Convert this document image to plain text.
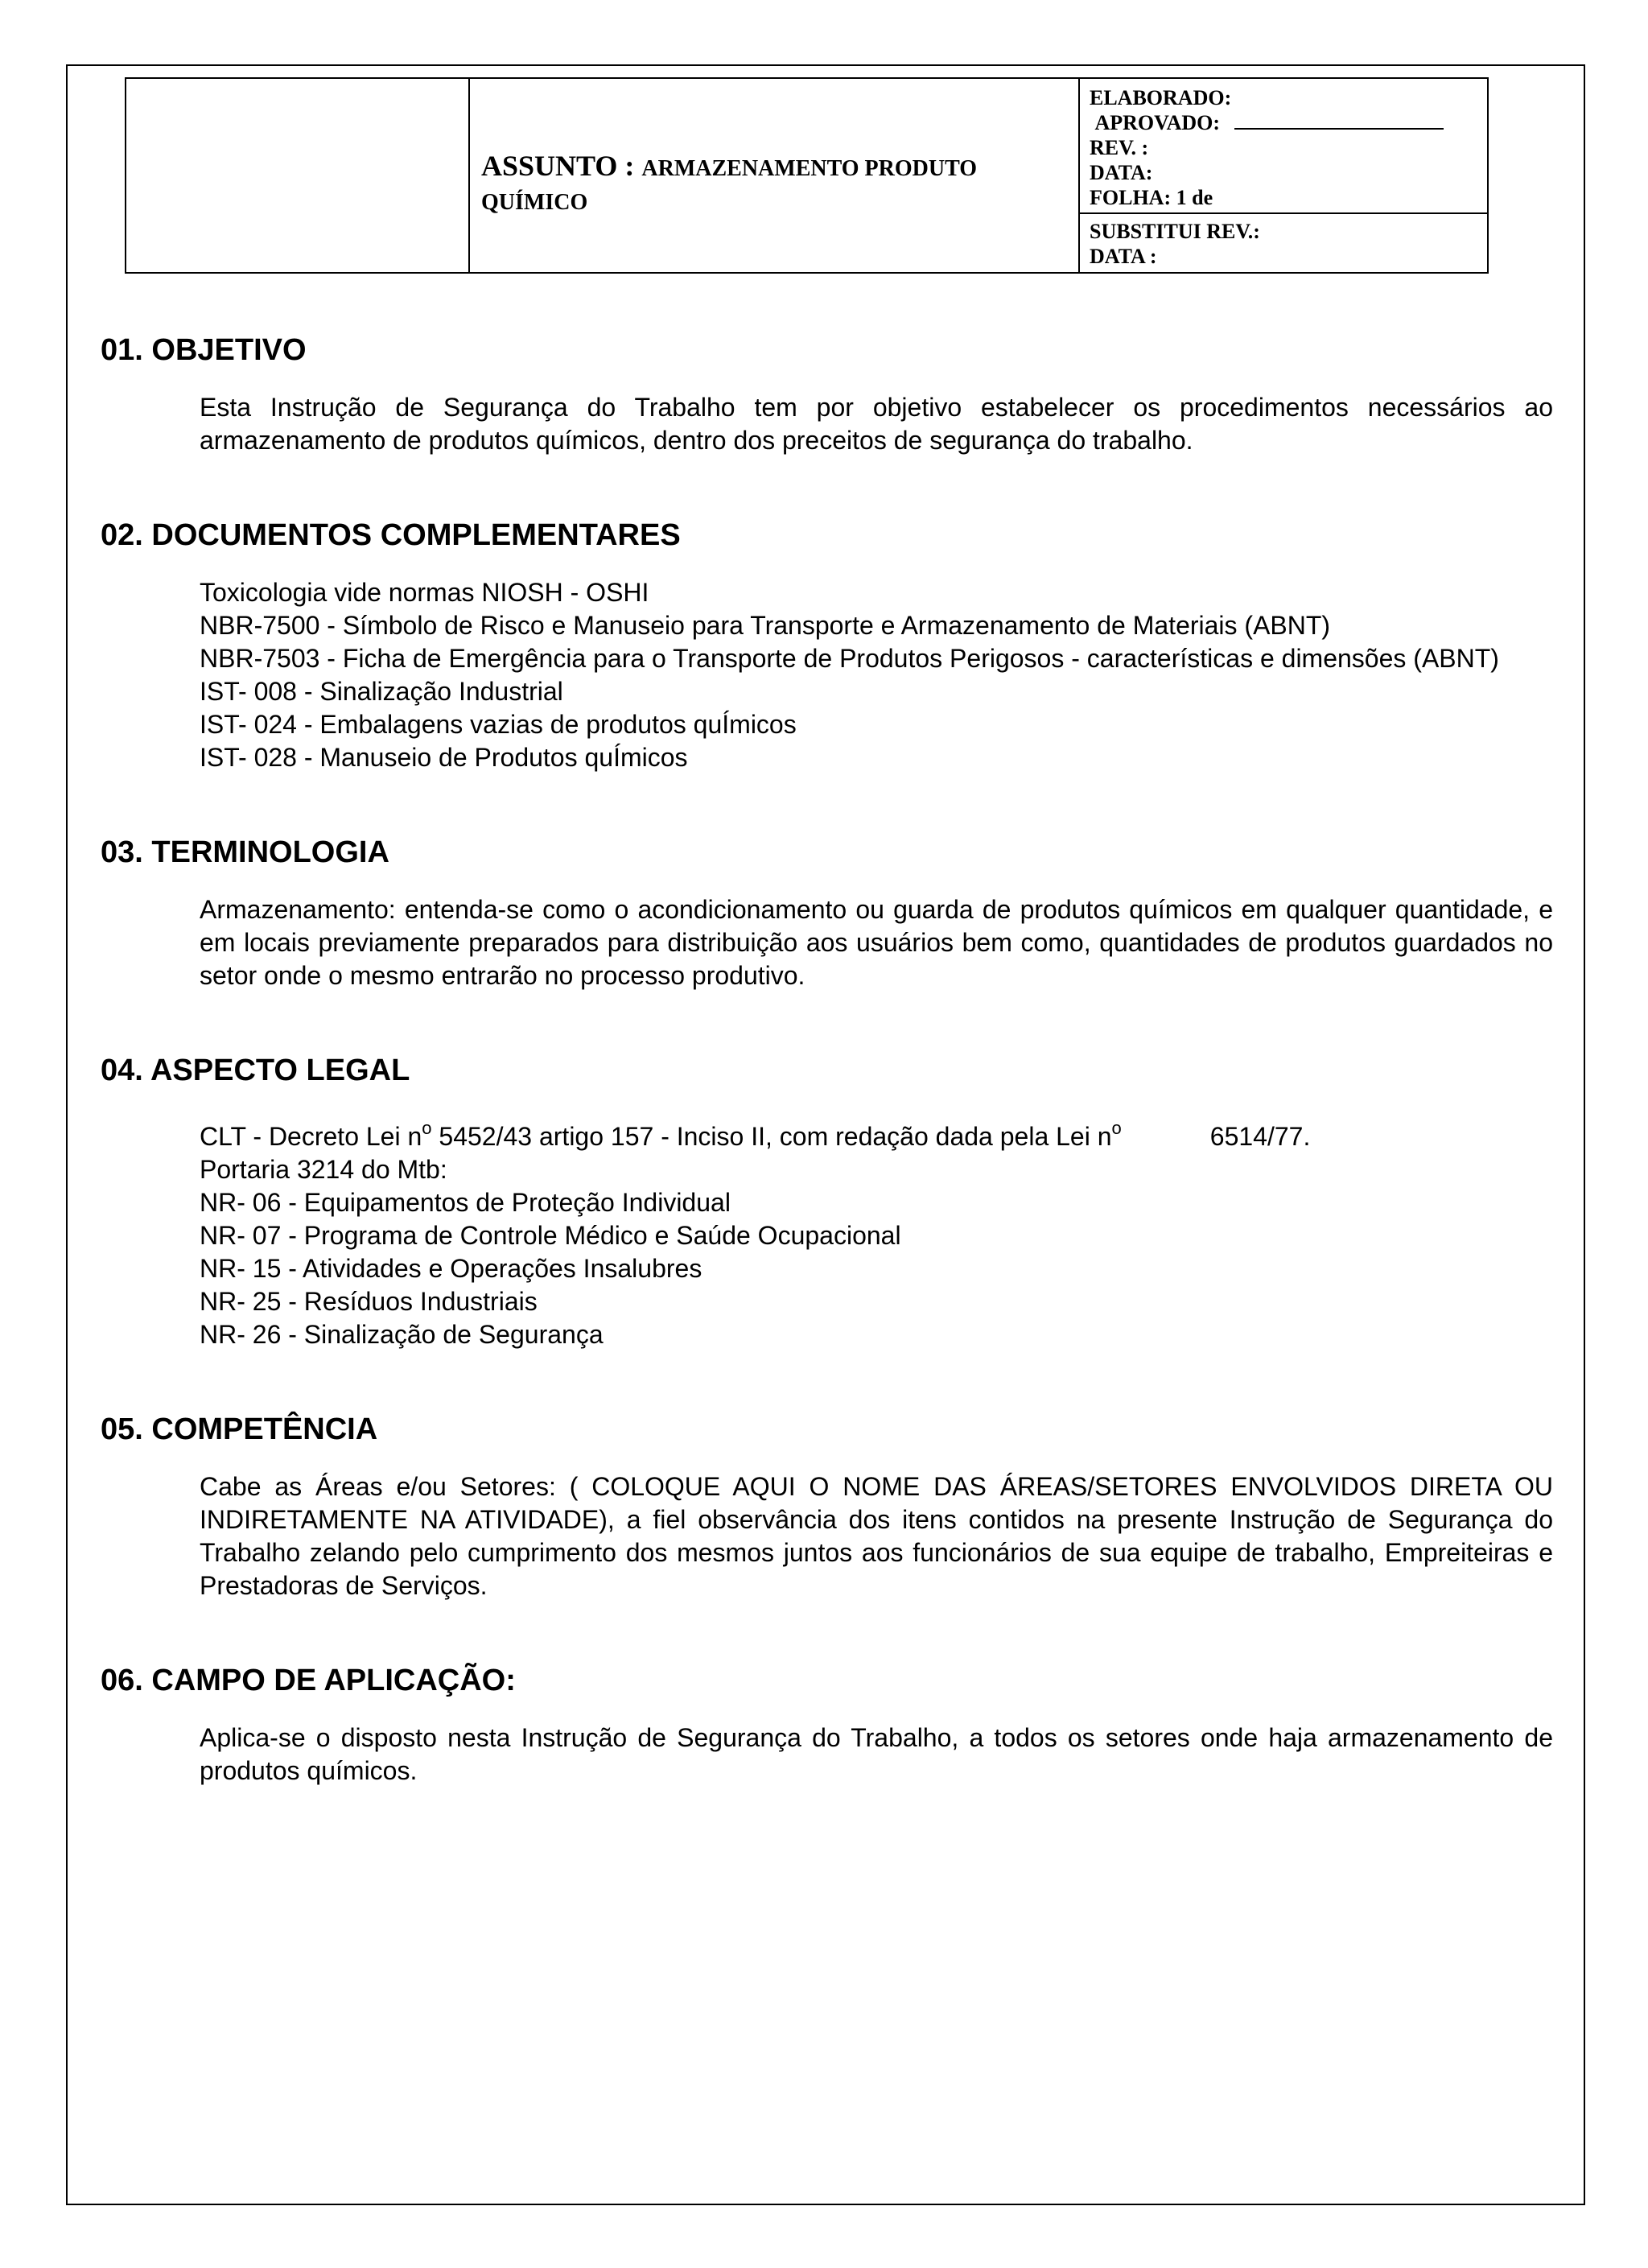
ASSUNTO : ARMAZENAMENTO PRODUTO
QUÍMICO
ELABORADO:
APROVADO:
REV. :
DATA:
FOLHA: 1 de
SUBSTITUI REV.:
DATA :
01. OBJETIVO

Esta Instrução de Segurança do Trabalho tem por objetivo estabelecer os procedimentos necessários ao armazenamento de produtos químicos, dentro dos preceitos de segurança do trabalho.

02. DOCUMENTOS COMPLEMENTARES

Toxicologia vide normas NIOSH - OSHI

NBR-7500 - Símbolo de Risco e Manuseio para Transporte e Armazenamento de Materiais (ABNT)

NBR-7503 - Ficha de Emergência para o Transporte de Produtos Perigosos - características e dimensões (ABNT)

IST- 008 - Sinalização Industrial

IST- 024 - Embalagens vazias de produtos quÍmicos

IST- 028 - Manuseio de Produtos quÍmicos

03. TERMINOLOGIA

Armazenamento: entenda-se como o acondicionamento ou guarda de produtos químicos em qualquer quantidade, e em locais previamente preparados para distribuição aos usuários bem como, quantidades de produtos guardados no setor onde o mesmo entrarão no processo produtivo.

04. ASPECTO LEGAL

CLT - Decreto Lei $n^o$ 5452/43 artigo 157 - Inciso II, com redação dada pela Lei $n^o$	6514/77.

Portaria 3214 do Mtb:

NR- 06 - Equipamentos de Proteção Individual

NR- 07 - Programa de Controle Médico e Saúde Ocupacional

NR- 15 - Atividades e Operações Insalubres

NR- 25 - Resíduos Industriais

NR- 26 - Sinalização de Segurança

05. COMPETÊNCIA

Cabe as Áreas e/ou Setores: ( COLOQUE AQUI O NOME DAS ÁREAS/SETORES ENVOLVIDOS DIRETA OU INDIRETAMENTE NA ATIVIDADE), a fiel observância dos itens contidos na presente Instrução de Segurança do Trabalho zelando pelo cumprimento dos mesmos juntos aos funcionários de sua equipe de trabalho, Empreiteiras e Prestadoras de Serviços.

06. CAMPO DE APLICAÇÃO:

Aplica-se o disposto nesta Instrução de Segurança do Trabalho, a todos os setores onde haja armazenamento de produtos químicos.
